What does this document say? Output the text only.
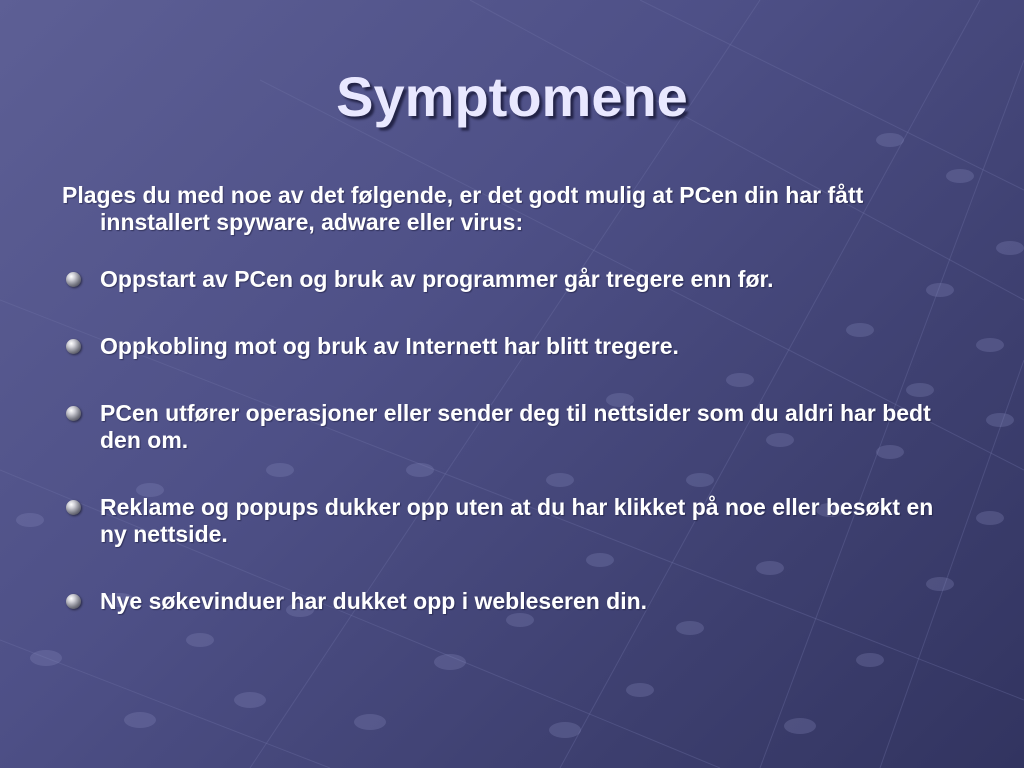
Symptomene

Plages du med noe av det følgende, er det godt mulig at PCen din har fått innstallert spyware, adware eller virus:

Oppstart av PCen og bruk av programmer går tregere enn før.
Oppkobling mot og bruk av Internett har blitt tregere.
PCen utfører operasjoner eller sender deg til nettsider som du aldri har bedt den om.
Reklame og popups dukker opp uten at du har klikket på noe eller besøkt en ny nettside.
Nye søkevinduer har dukket opp i webleseren din.
